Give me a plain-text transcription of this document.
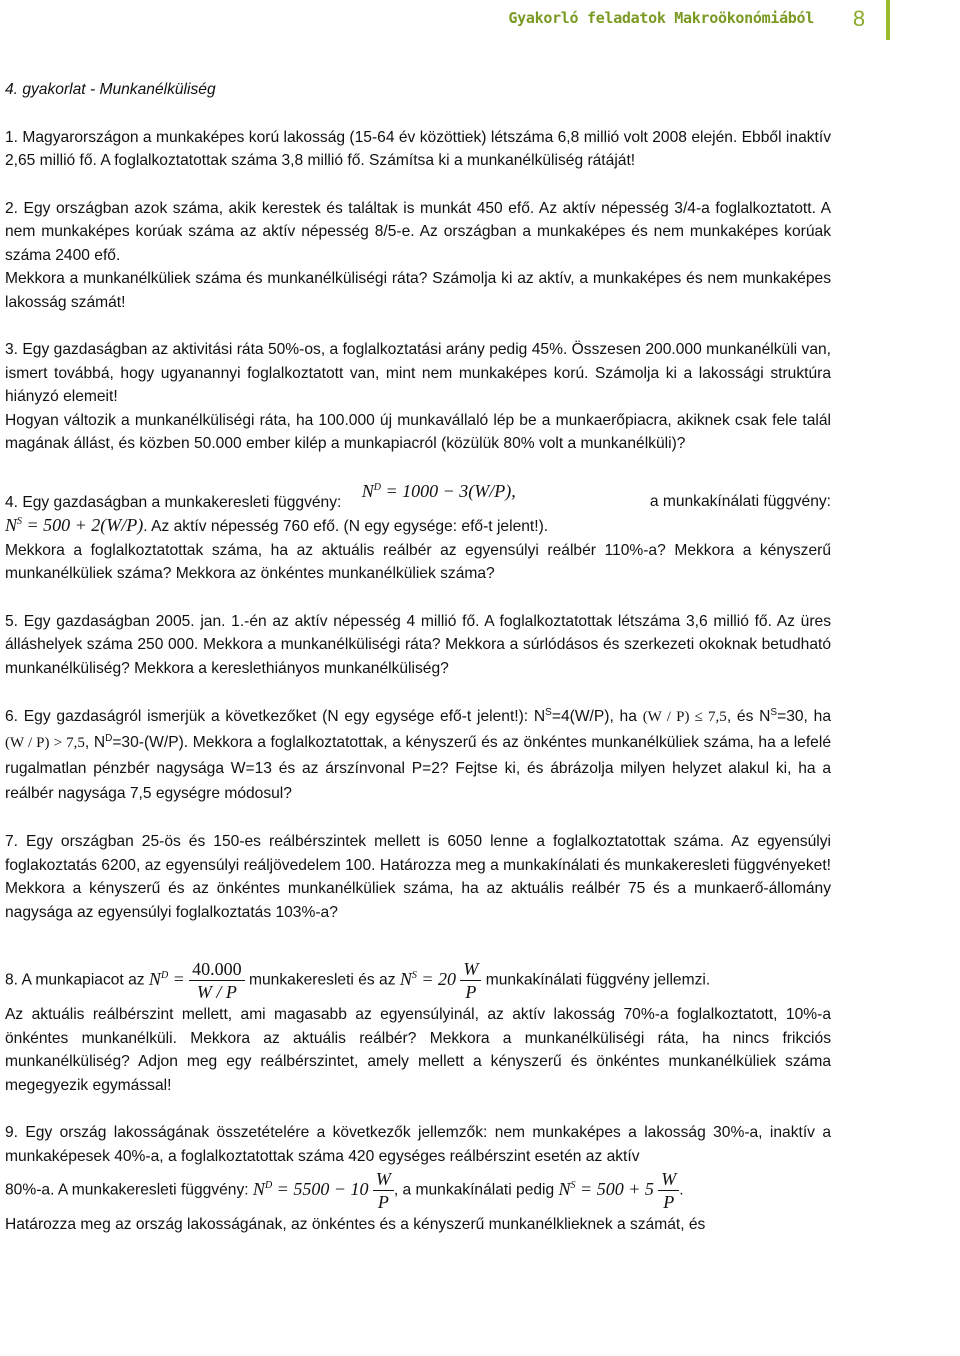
Gyakorló feladatok Makroökonómiából	8

4. gyakorlat - Munkanélküliség

1. Magyarországon a munkaképes korú lakosság (15-64 év közöttiek) létszáma 6,8 millió volt 2008 elején. Ebből inaktív 2,65 millió fő. A foglalkoztatottak száma 3,8 millió fő. Számítsa ki a munkanélküliség rátáját!

2. Egy országban azok száma, akik kerestek és találtak is munkát 450 efő. Az aktív népesség 3/4-a foglalkoztatott. A nem munkaképes korúak száma az aktív népesség 8/5-e. Az országban a munkaképes és nem munkaképes korúak száma 2400 efő.

Mekkora a munkanélküliek száma és munkanélküliségi ráta? Számolja ki az aktív, a munkaképes és nem munkaképes lakosság számát!

3. Egy gazdaságban az aktivitási ráta 50%-os, a foglalkoztatási arány pedig 45%. Összesen 200.000 munkanélküli van, ismert továbbá, hogy ugyanannyi foglalkoztatott van, mint nem munkaképes korú. Számolja ki a lakossági struktúra hiányzó elemeit!

Hogyan változik a munkanélküliségi ráta, ha 100.000 új munkavállaló lép be a munkaerőpiacra, akiknek csak fele talál magának állást, és közben 50.000 ember kilép a munkapiacról (közülük 80% volt a munkanélküli)?

4. Egy gazdaságban a munkakeresleti függvény: $N^D = 1000 - 3(W/P)$,
a munkakínálati függvény:

$N^S = 500 + 2(W/P)$. Az aktív népesség 760 efő. (N egy egysége: efő-t jelent!).

Mekkora a foglalkoztatottak száma, ha az aktuális reálbér az egyensúlyi reálbér 110%-a? Mekkora a kényszerű munkanélküliek száma? Mekkora az önkéntes munkanélküliek száma?

5. Egy gazdaságban 2005. jan. 1.-én az aktív népesség 4 millió fő. A foglalkoztatottak létszáma 3,6 millió fő. Az üres álláshelyek száma 250 000. Mekkora a munkanélküliségi ráta? Mekkora a súrlódásos és szerkezeti okoknak betudható munkanélküliség? Mekkora a kereslethiányos munkanélküliség?

6. Egy gazdaságról ismerjük a következőket (N egy egysége efő-t jelent!): $N^S=4(W/P)$, ha (W / P) ≤ 7,5, és $N^S=30$, ha (W / P) > 7,5, $N^D=30-(W/P)$. Mekkora a foglalkoztatottak, a kényszerű és az önkéntes munkanélküliek száma, ha a lefelé rugalmatlan pénzbér nagysága W=13 és az árszínvonal P=2? Fejtse ki, és ábrázolja milyen helyzet alakul ki, ha a reálbér nagysága 7,5 egységre módosul?

7. Egy országban 25-ös és 150-es reálbérszintek mellett is 6050 lenne a foglalkoztatottak száma. Az egyensúlyi foglakoztatás 6200, az egyensúlyi reáljövedelem 100. Határozza meg a munkakínálati és munkakeresleti függvényeket! Mekkora a kényszerű és az önkéntes munkanélküliek száma, ha az aktuális reálbér 75 és a munkaerő-állomány nagysága az egyensúlyi foglalkoztatás 103%-a?

8. A munkapiacot az $N^D = \frac{40.000}{W / P}$ munkakeresleti és az $N^S = 20 \frac{W}{P}$ munkakínálati függvény jellemzi.

Az aktuális reálbérszint mellett, ami magasabb az egyensúlyinál, az aktív lakosság 70%-a foglalkoztatott, 10%-a önkéntes munkanélküli. Mekkora az aktuális reálbér? Mekkora a munkanélküliségi ráta, ha nincs frikciós munkanélküliség? Adjon meg egy reálbérszintet, amely mellett a kényszerű és önkéntes munkanélküliek száma megegyezik egymással!

9. Egy ország lakosságának összetételére a következők jellemzők: nem munkaképes a lakosság 30%-a, inaktív a munkaképesek 40%-a, a foglalkoztatottak száma 420 egységes reálbérszint esetén az aktív

80%-a. A munkakeresleti függvény: $N^D = 5500 - 10 \frac{W}{P}$ , a munkakínálati pedig $N^S = 500 + 5 \frac{W}{P}$ .

Határozza meg az ország lakosságának, az önkéntes és a kényszerű munkanélklieknek a számát, és
